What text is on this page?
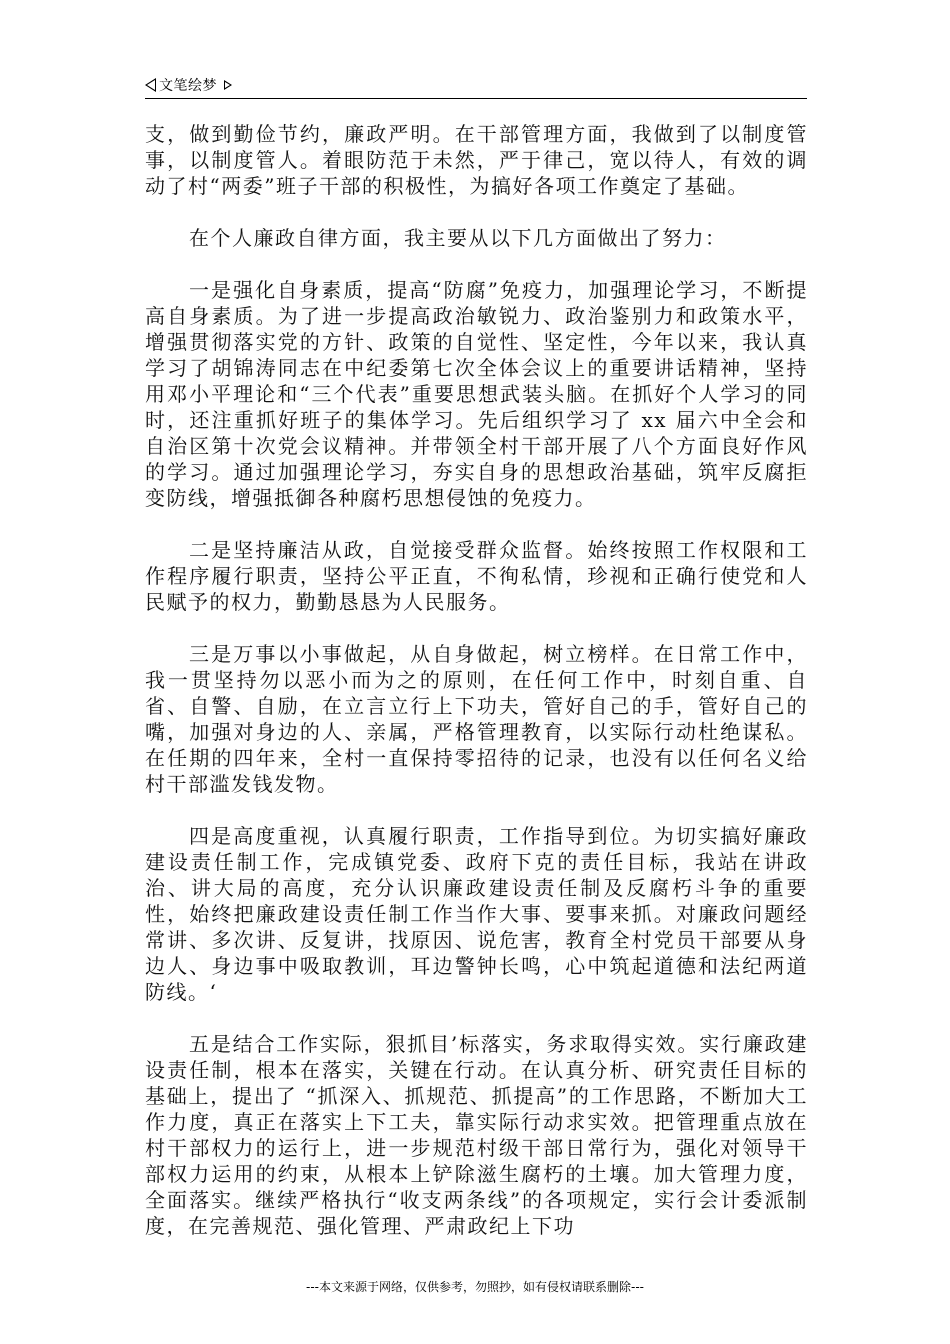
文笔绘梦

支，做到勤俭节约，廉政严明。在干部管理方面，我做到了以制度管事，以制度管人。着眼防范于未然，严于律己，宽以待人，有效的调动了村“两委”班子干部的积极性，为搞好各项工作奠定了基础。

在个人廉政自律方面，我主要从以下几方面做出了努力：

一是强化自身素质，提高“防腐”免疫力，加强理论学习，不断提高自身素质。为了进一步提高政治敏锐力、政治鉴别力和政策水平，增强贯彻落实党的方针、政策的自觉性、坚定性，今年以来，我认真学习了胡锦涛同志在中纪委第七次全体会议上的重要讲话精神，坚持用邓小平理论和“三个代表”重要思想武装头脑。在抓好个人学习的同时，还注重抓好班子的集体学习。先后组织学习了 xx 届六中全会和自治区第十次党会议精神。并带领全村干部开展了八个方面良好作风的学习。通过加强理论学习，夯实自身的思想政治基础，筑牢反腐拒变防线，增强抵御各种腐朽思想侵蚀的免疫力。

二是坚持廉洁从政，自觉接受群众监督。始终按照工作权限和工作程序履行职责，坚持公平正直，不徇私情，珍视和正确行使党和人民赋予的权力，勤勤恳恳为人民服务。

三是万事以小事做起，从自身做起，树立榜样。在日常工作中，我一贯坚持勿以恶小而为之的原则，在任何工作中，时刻自重、自省、自警、自励，在立言立行上下功夫，管好自己的手，管好自己的嘴，加强对身边的人、亲属，严格管理教育，以实际行动杜绝谋私。在任期的四年来，全村一直保持零招待的记录，也没有以任何名义给村干部滥发钱发物。

四是高度重视，认真履行职责，工作指导到位。为切实搞好廉政建设责任制工作，完成镇党委、政府下克的责任目标，我站在讲政治、讲大局的高度，充分认识廉政建设责任制及反腐朽斗争的重要性，始终把廉政建设责任制工作当作大事、要事来抓。对廉政问题经常讲、多次讲、反复讲，找原因、说危害，教育全村党员干部要从身边人、身边事中吸取教训，耳边警钟长鸣，心中筑起道德和法纪两道防线。‘

五是结合工作实际，狠抓目’标落实，务求取得实效。实行廉政建设责任制，根本在落实，关键在行动。在认真分析、研究责任目标的基础上，提出了 “抓深入、抓规范、抓提高”的工作思路，不断加大工作力度，真正在落实上下工夫，靠实际行动求实效。把管理重点放在村干部权力的运行上，进一步规范村级干部日常行为，强化对领导干部权力运用的约束，从根本上铲除滋生腐朽的土壤。加大管理力度，全面落实。继续严格执行“收支两条线”的各项规定，实行会计委派制度，在完善规范、强化管理、严肃政纪上下功

---本文来源于网络，仅供参考，勿照抄，如有侵权请联系删除---
